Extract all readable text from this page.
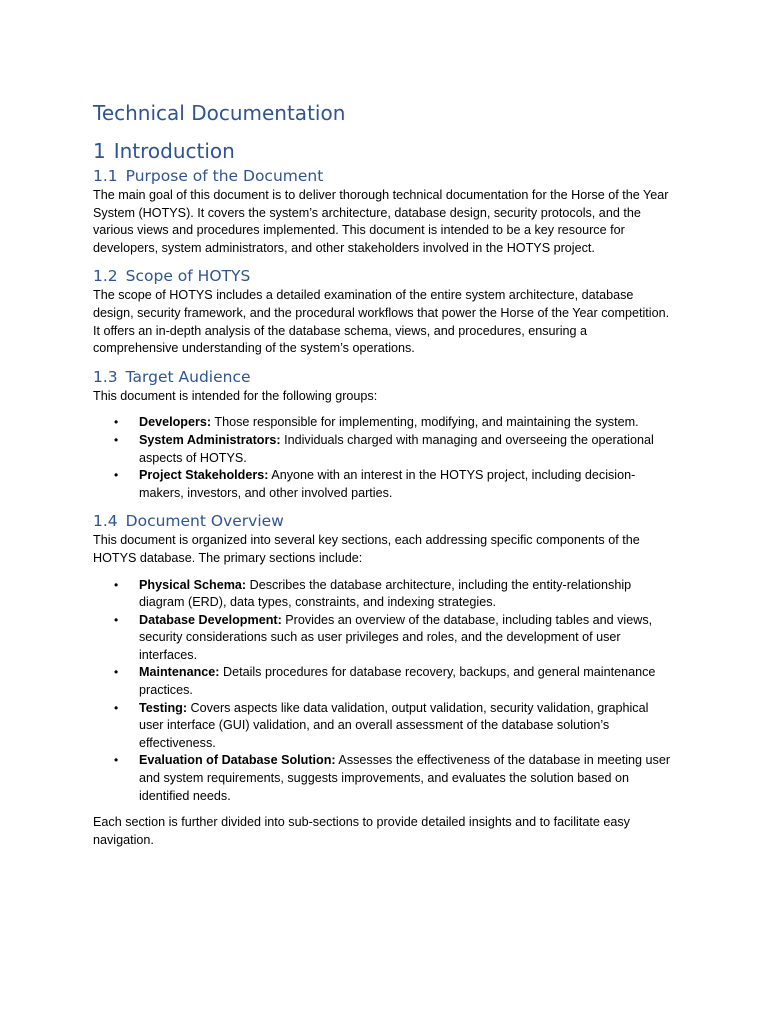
Technical Documentation
1 Introduction
1.1 Purpose of the Document

The main goal of this document is to deliver thorough technical documentation for the Horse of the Year System (HOTYS). It covers the system’s architecture, database design, security protocols, and the various views and procedures implemented. This document is intended to be a key resource for developers, system administrators, and other stakeholders involved in the HOTYS project.

1.2 Scope of HOTYS

The scope of HOTYS includes a detailed examination of the entire system architecture, database design, security framework, and the procedural workflows that power the Horse of the Year competition. It offers an in-depth analysis of the database schema, views, and procedures, ensuring a comprehensive understanding of the system’s operations.

1.3 Target Audience

This document is intended for the following groups:

• Developers: Those responsible for implementing, modifying, and maintaining the system.
• System Administrators: Individuals charged with managing and overseeing the operational aspects of HOTYS.
• Project Stakeholders: Anyone with an interest in the HOTYS project, including decision-makers, investors, and other involved parties.
1.4 Document Overview

This document is organized into several key sections, each addressing specific components of the HOTYS database. The primary sections include:

• Physical Schema: Describes the database architecture, including the entity-relationship diagram (ERD), data types, constraints, and indexing strategies.
• Database Development: Provides an overview of the database, including tables and views, security considerations such as user privileges and roles, and the development of user interfaces.
• Maintenance: Details procedures for database recovery, backups, and general maintenance practices.
• Testing: Covers aspects like data validation, output validation, security validation, graphical user interface (GUI) validation, and an overall assessment of the database solution’s effectiveness.
• Evaluation of Database Solution: Assesses the effectiveness of the database in meeting user and system requirements, suggests improvements, and evaluates the solution based on identified needs.

Each section is further divided into sub-sections to provide detailed insights and to facilitate easy navigation.
